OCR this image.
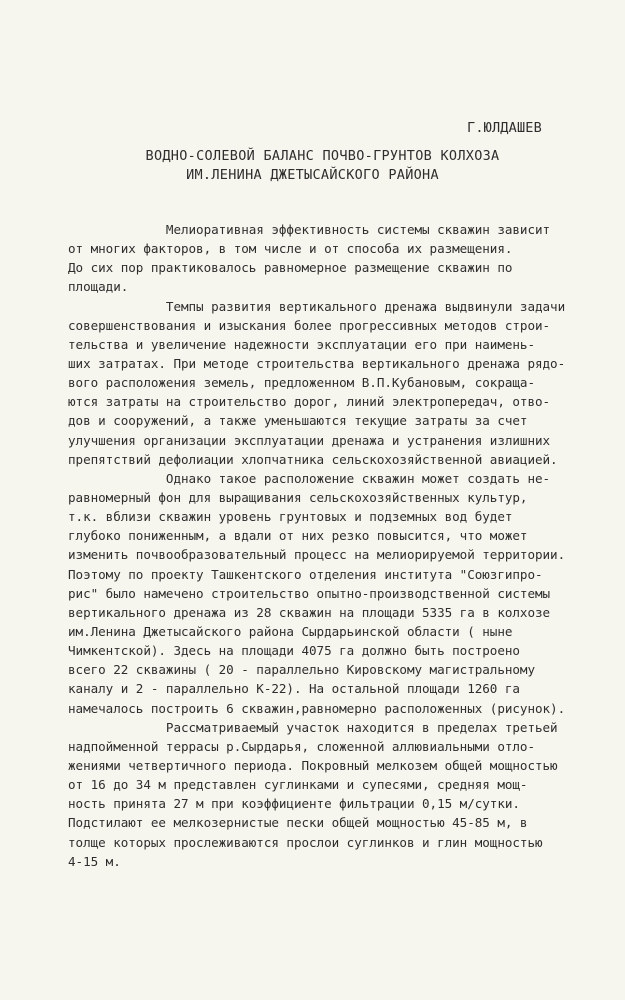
Г.ЮЛДАШЕВ
ВОДНО-СОЛЕВОЙ БАЛАНС ПОЧВО-ГРУНТОВ КОЛХОЗА
ИМ.ЛЕНИНА ДЖЕТЫСАЙСКОГО РАЙОНА
Мелиоративная эффективность системы скважин зависит
от многих факторов, в том числе и от способа их размещения.
До сих пор практиковалось равномерное размещение скважин по
площади.
Темпы развития вертикального дренажа выдвинули задачи
совершенствования и изыскания более прогрессивных методов строи-
тельства и увеличение надежности эксплуатации его при наимень-
ших затратах. При методе строительства вертикального дренажа рядо-
вого расположения земель, предложенном В.П.Кубановым, сокраща-
ются затраты на строительство дорог, линий электропередач, отво-
дов и сооружений, а также уменьшаются текущие затраты за счет
улучшения организации эксплуатации дренажа и устранения излишних
препятствий дефолиации хлопчатника сельскохозяйственной авиацией.
Однако такое расположение скважин может создать не-
равномерный фон для выращивания сельскохозяйственных культур,
т.к. вблизи скважин уровень грунтовых и подземных вод будет
глубоко пониженным, а вдали от них резко повысится, что может
изменить почвообразовательный процесс на мелиорируемой территории.
Поэтому по проекту Ташкентского отделения института "Союзгипро-
рис" было намечено строительство опытно-производственной системы
вертикального дренажа из 28 скважин на площади 5335 га в колхозе
им.Ленина Джетысайского района Сырдарьинской области ( ныне
Чимкентской). Здесь на площади 4075 га должно быть построено
всего 22 скважины ( 20 - параллельно Кировскому магистральному
каналу и 2 - параллельно К-22). На остальной площади 1260 га
намечалось построить 6 скважин,равномерно расположенных (рисунок).
Рассматриваемый участок находится в пределах третьей
надпойменной террасы р.Сырдарья, сложенной аллювиальными отло-
жениями четвертичного периода. Покровный мелкозем общей мощностью
от 16 до 34 м представлен суглинками и супесями, средняя мощ-
ность принята 27 м при коэффициенте фильтрации 0,15 м/сутки.
Подстилают ее мелкозернистые пески общей мощностью 45-85 м, в
толще которых прослеживаются прослои суглинков и глин мощностью
4-15 м.
